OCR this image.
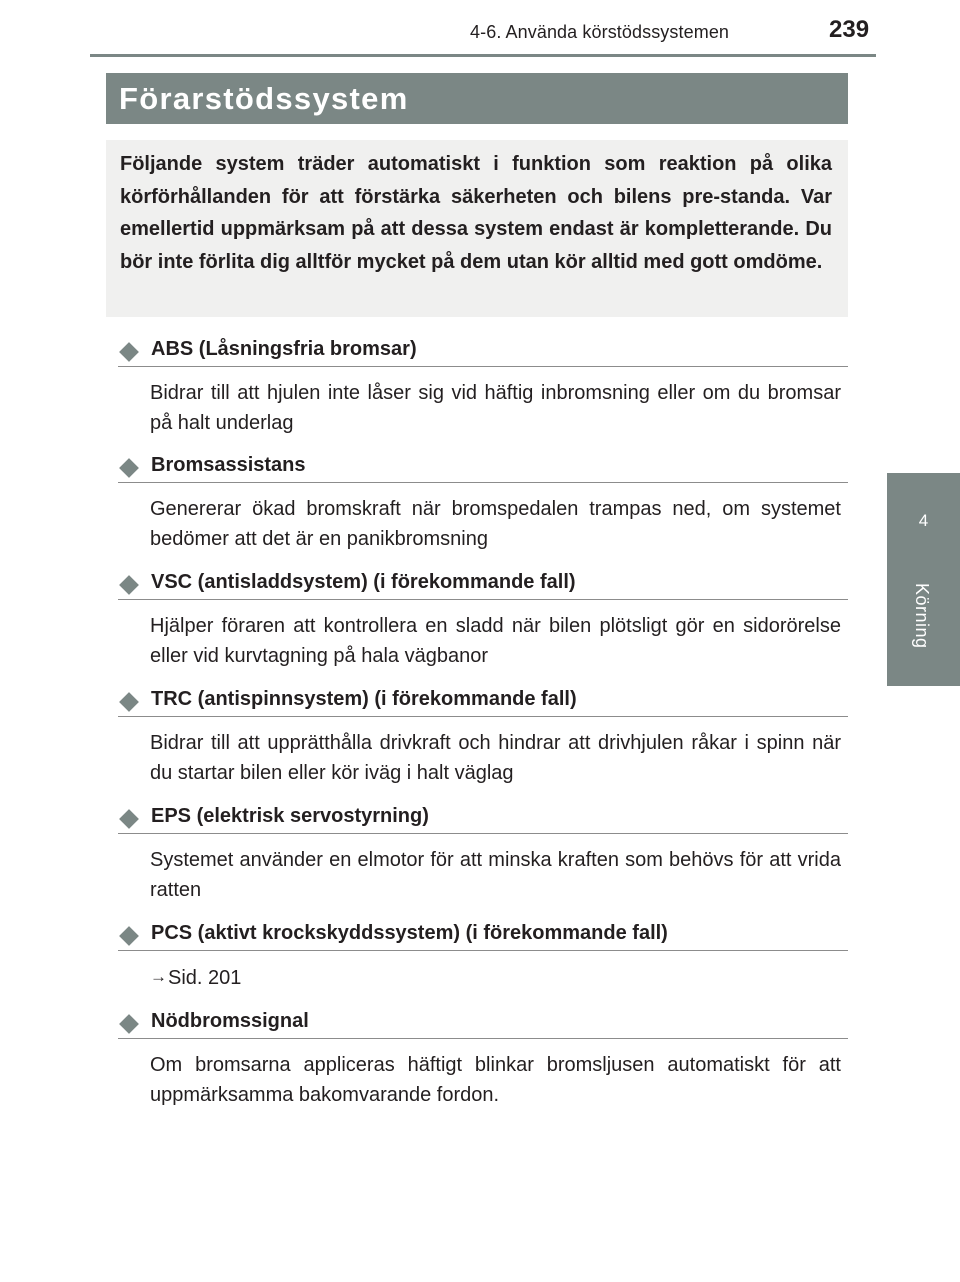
4-6. Använda körstödssystemen	239
4
Körning
Förarstödssystem
Följande system träder automatiskt i funktion som reaktion på olika körförhållanden för att förstärka säkerheten och bilens pre-standa. Var emellertid uppmärksam på att dessa system endast är kompletterande. Du bör inte förlita dig alltför mycket på dem utan kör alltid med gott omdöme.
ABS (Låsningsfria bromsar)
Bidrar till att hjulen inte låser sig vid häftig inbromsning eller om du bromsar på halt underlag
Bromsassistans
Genererar ökad bromskraft när bromspedalen trampas ned, om systemet bedömer att det är en panikbromsning
VSC (antisladdsystem) (i förekommande fall)
Hjälper föraren att kontrollera en sladd när bilen plötsligt gör en sidorörelse eller vid kurvtagning på hala vägbanor
TRC (antispinnsystem) (i förekommande fall)
Bidrar till att upprätthålla drivkraft och hindrar att drivhjulen råkar i spinn när du startar bilen eller kör iväg i halt väglag
EPS (elektrisk servostyrning)
Systemet använder en elmotor för att minska kraften som behövs för att vrida ratten
PCS (aktivt krockskyddssystem) (i förekommande fall)
→Sid. 201
Nödbromssignal
Om bromsarna appliceras häftigt blinkar bromsljusen automatiskt för att uppmärksamma bakomvarande fordon.
